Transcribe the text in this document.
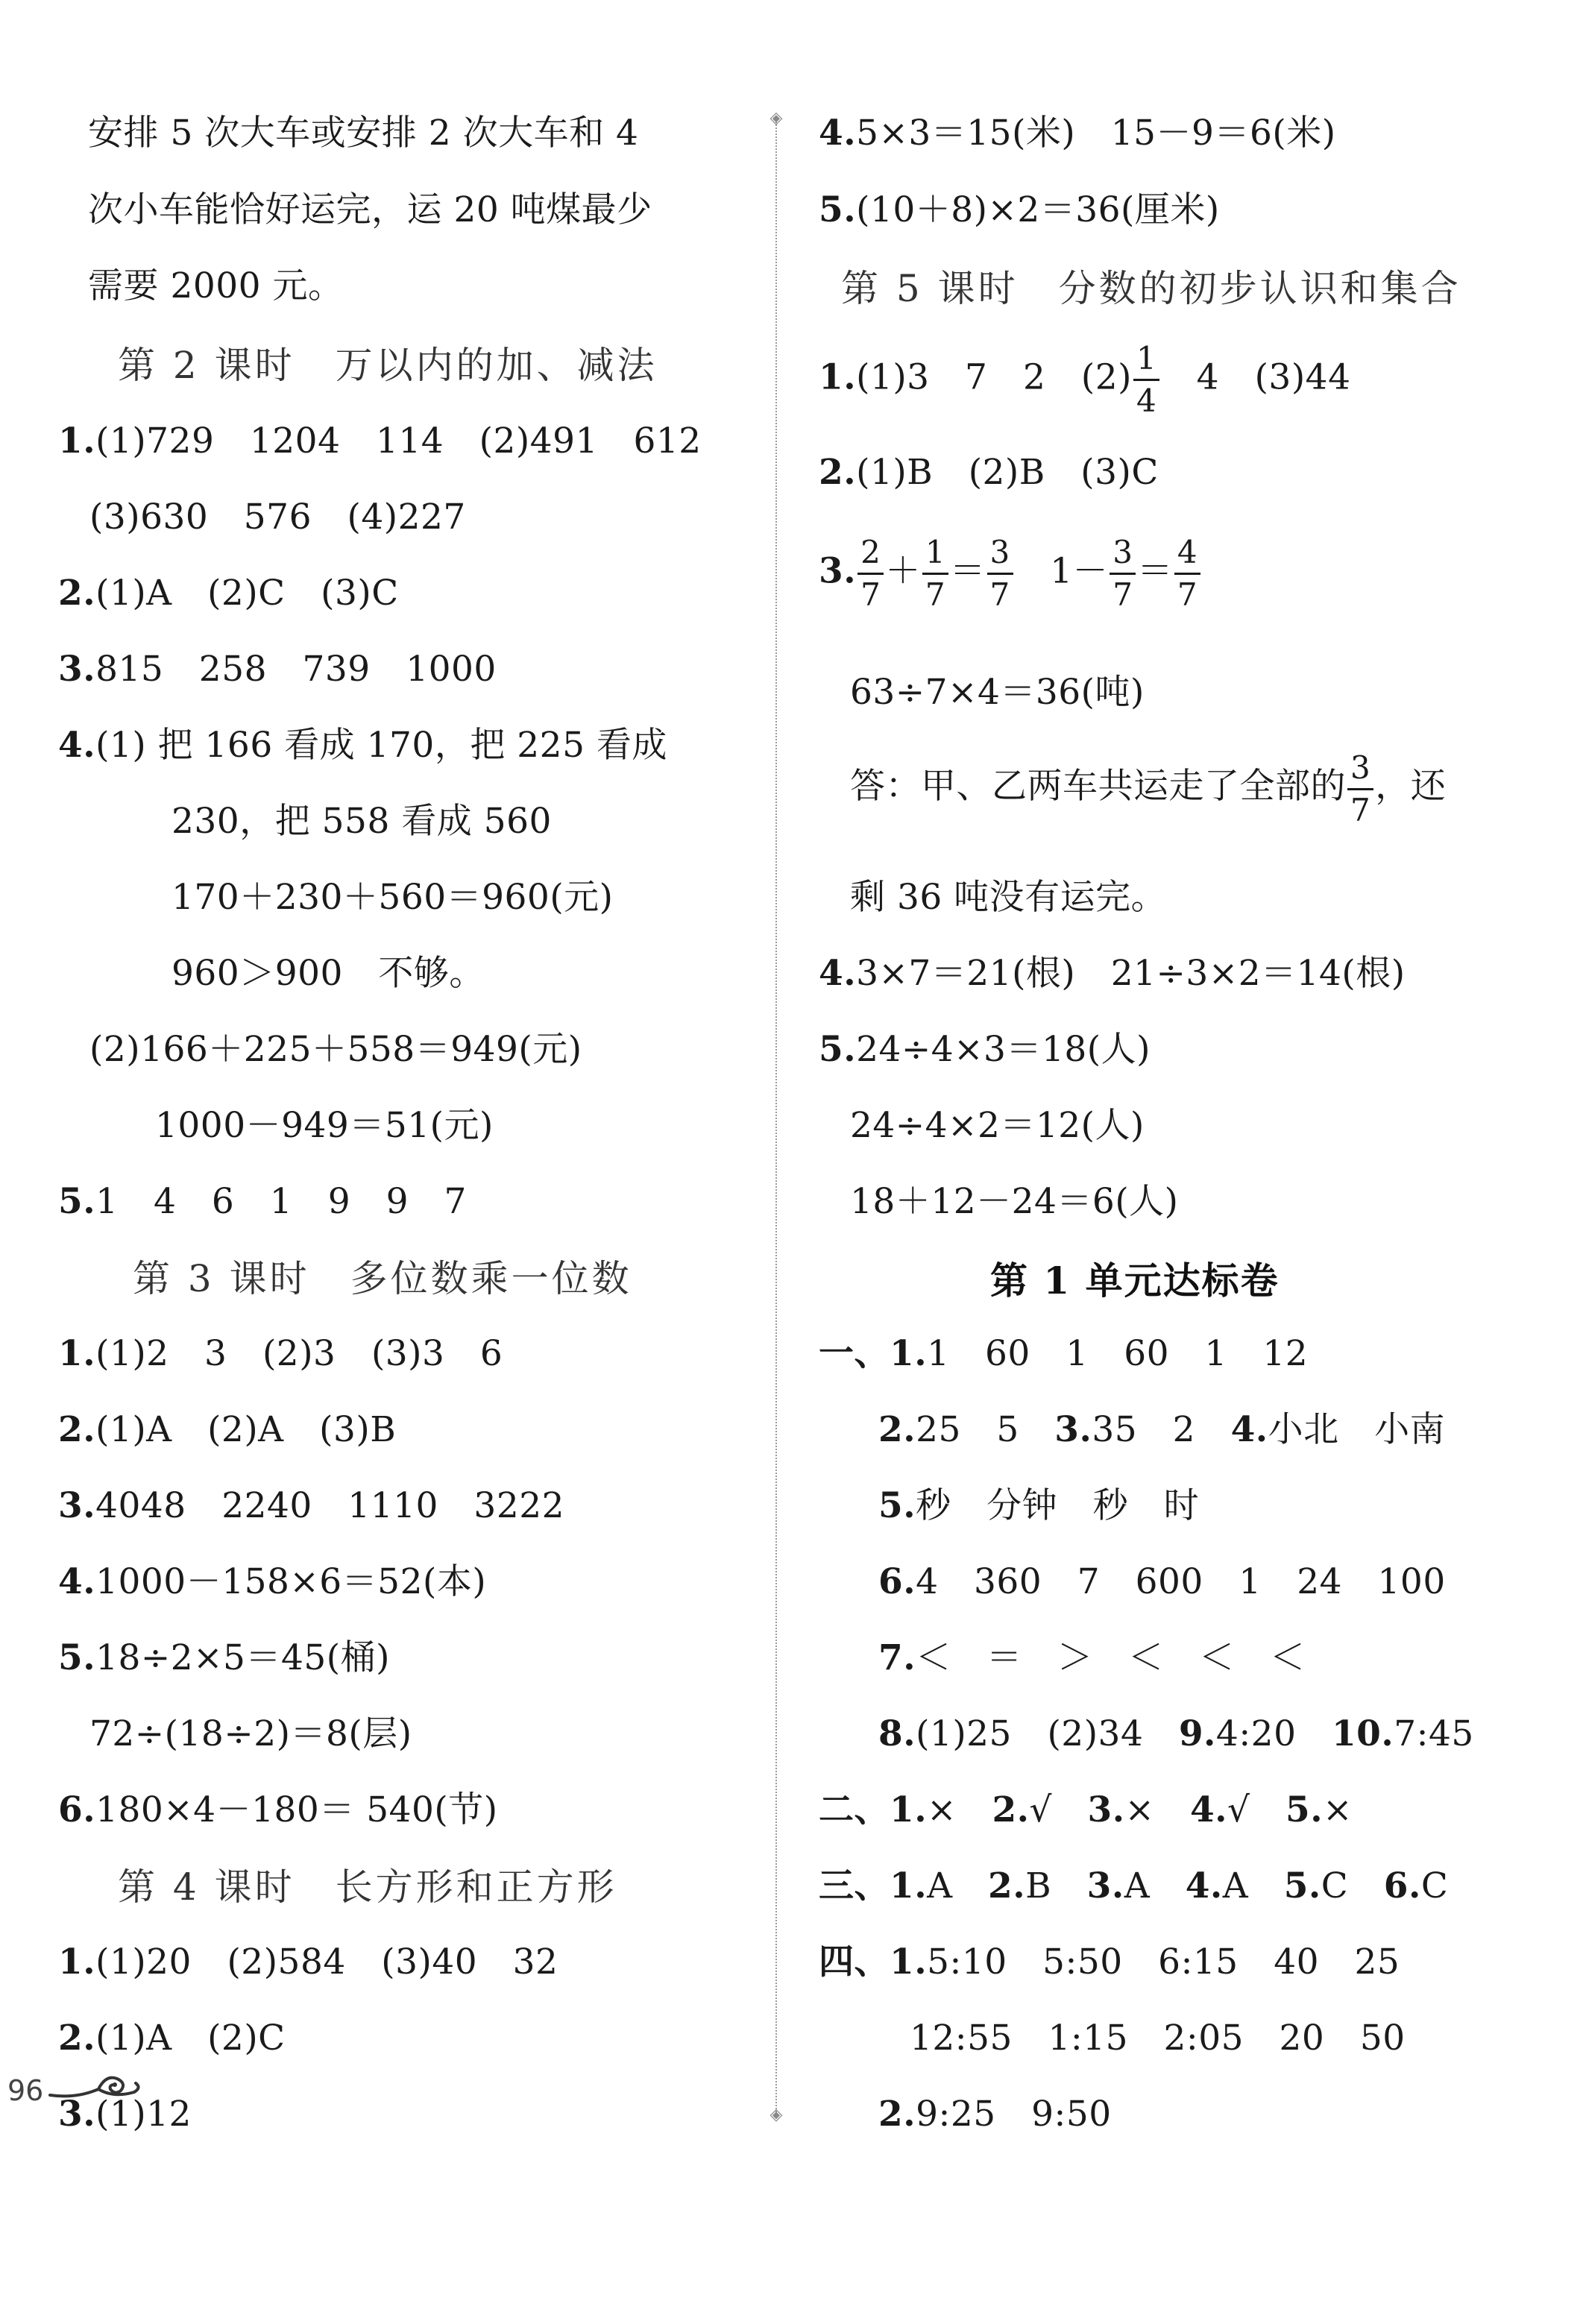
安排 5 次大车或安排 2 次大车和 4
次小车能恰好运完，运 20 吨煤最少
需要 2000 元。
第 2 课时　万以内的加、减法
1.(1)729　1204　114　(2)491　612
(3)630　576　(4)227
2.(1)A　(2)C　(3)C
3.815　258　739　1000
4.(1) 把 166 看成 170，把 225 看成
230，把 558 看成 560
170＋230＋560＝960(元)
960＞900　不够。
(2)166＋225＋558＝949(元)
1000－949＝51(元)
5.1　4　6　1　9　9　7
第 3 课时　多位数乘一位数
1.(1)2　3　(2)3　(3)3　6
2.(1)A　(2)A　(3)B
3.4048　2240　1110　3222
4.1000－158×6＝52(本)
5.18÷2×5＝45(桶)
72÷(18÷2)＝8(层)
6.180×4－180＝ 540(节)
第 4 课时　长方形和正方形
1.(1)20　(2)584　(3)40　32
2.(1)A　(2)C
3.(1)12
◈
◈
4.5×3＝15(米)　15－9＝6(米)
5.(10＋8)×2＝36(厘米)
第 5 课时　分数的初步认识和集合
1.(1)3　7　2　$(2) \frac{1}{4}$ 　4　(3)44
2.(1)B　(2)B　(3)C
3. $\frac{2}{7} + \frac{1}{7} = \frac{3}{7}$ 　$1- \frac{3}{7} = \frac{4}{7}$
63÷7×4＝36(吨)
答：甲、乙两车共运走了全部的 $\frac{3}{7}$ ，还
剩 36 吨没有运完。
4.3×7＝21(根)　21÷3×2＝14(根)
5.24÷4×3＝18(人)
24÷4×2＝12(人)
18＋12－24＝6(人)
第 1 单元达标卷
一、1.1　60　1　60　1　12
2.25　5　3.35　2　4.小北　小南
5.秒　分钟　秒　时
6.4　360　7　600　1　24　100
7.＜　＝　＞　＜　＜　＜
8.(1)25　(2)34　9.4:20　10.7:45
二、1.×　2.√　3.×　4.√　5.×
三、1.A　2.B　3.A　4.A　5.C　6.C
四、1.5:10　5:50　6:15　40　25
12:55　1:15　2:05　20　50
2.9:25　9:50
96
